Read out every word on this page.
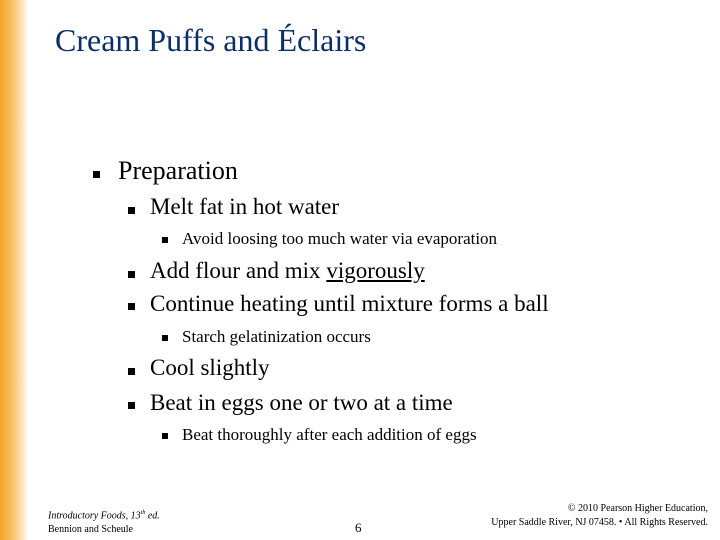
Cream Puffs and Éclairs
Preparation
Melt fat in hot water
Avoid loosing too much water via evaporation
Add flour and mix vigorously
Continue heating until mixture forms a ball
Starch gelatinization occurs
Cool slightly
Beat in eggs one or two at a time
Beat thoroughly after each addition of eggs
Introductory Foods, 13th ed.
Bennion and Scheule	6
© 2010 Pearson Higher Education,
Upper Saddle River, NJ 07458. • All Rights Reserved.
